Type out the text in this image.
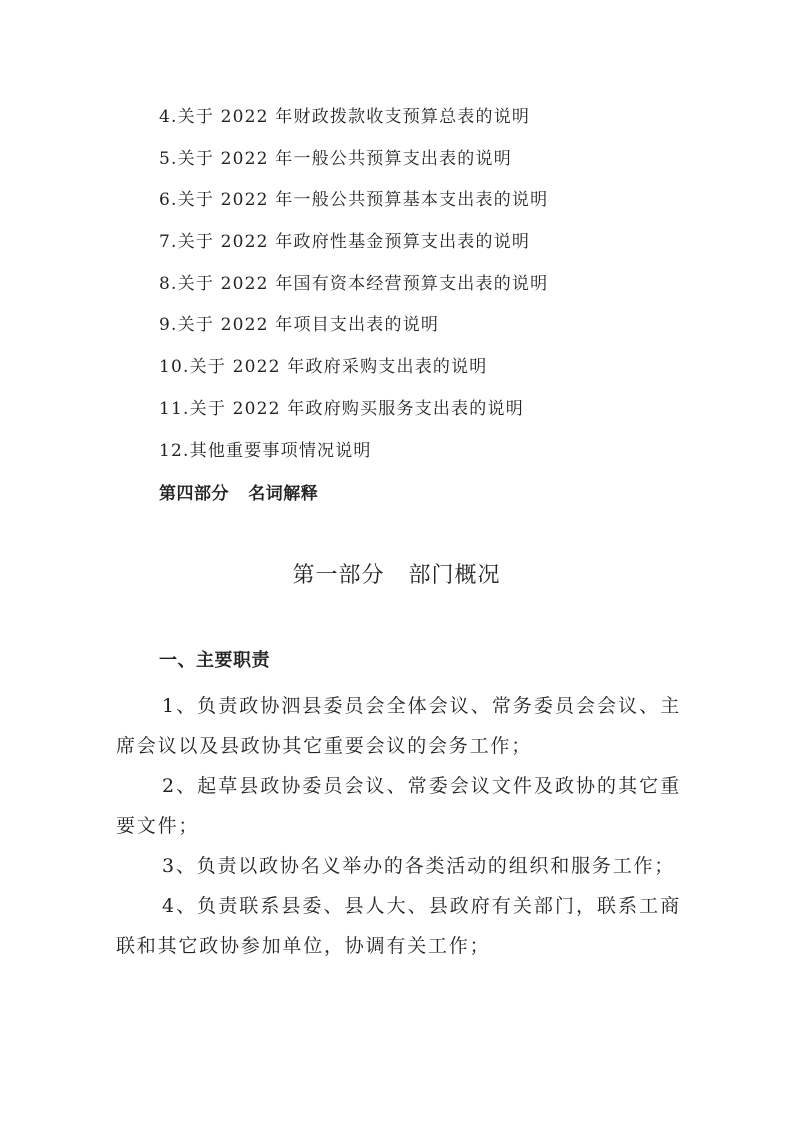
4.关于 2022 年财政拨款收支预算总表的说明
5.关于 2022 年一般公共预算支出表的说明
6.关于 2022 年一般公共预算基本支出表的说明
7.关于 2022 年政府性基金预算支出表的说明
8.关于 2022 年国有资本经营预算支出表的说明
9.关于 2022 年项目支出表的说明
10.关于 2022 年政府采购支出表的说明
11.关于 2022 年政府购买服务支出表的说明
12.其他重要事项情况说明
第四部分   名词解释
第一部分   部门概况
一、主要职责

1、负责政协泗县委员会全体会议、常务委员会会议、主席会议以及县政协其它重要会议的会务工作；

2、起草县政协委员会议、常委会议文件及政协的其它重要文件；

3、负责以政协名义举办的各类活动的组织和服务工作；

4、负责联系县委、县人大、县政府有关部门，联系工商联和其它政协参加单位，协调有关工作；
